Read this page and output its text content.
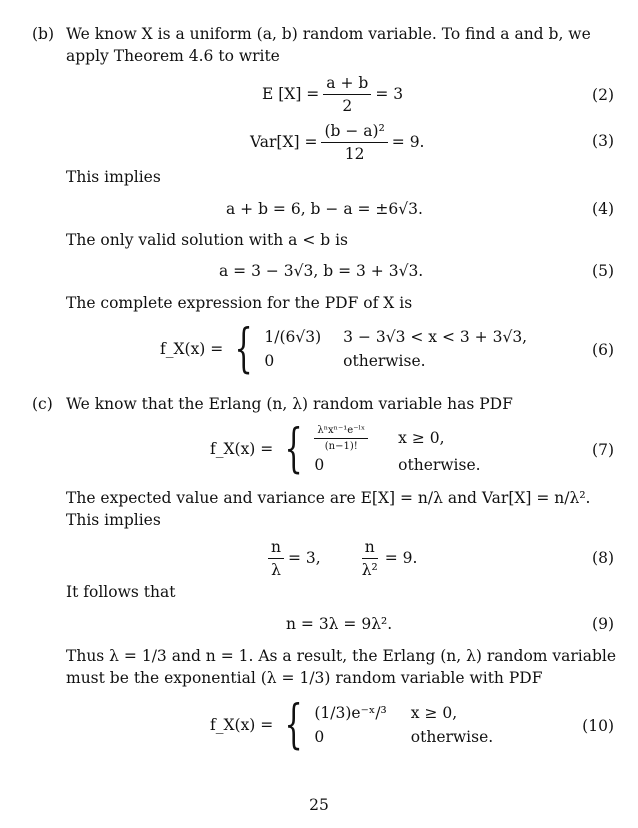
(b) We know X is a uniform (a, b) random variable. To find a and b, we
apply Theorem 4.6 to write
E $[X] = \frac{a + b}{2} = 3$	(2)
$Var[X] = \frac{\text{(b − a)²}}{12} = 9$.	(3)
This implies
a + b = 6, b − a = ±6√3.	(4)
The only valid solution with a < b is
a = 3 − 3√3, b = 3 + 3√3.	(5)
The complete expression for the PDF of X is
f_X(x) = { 1/(6√3) 3 − 3√3 < x < 3 + 3√3,
0	otherwise.
(6)
(c) We know that the Erlang (n, λ) random variable has PDF
f_X(x) = { $\frac{\text{λⁿxⁿ⁻¹e⁻ˡˣ}}{(n-1)!}$ x ≥ 0,
0	otherwise.
(7)
The expected value and variance are E[X] = n/λ and Var[X] = n/λ².
This implies
$\frac{n}{\lambda} = 3$, $\frac{n}{\text{λ²}} = 9$.	(8)
It follows that
n = 3λ = 9λ².	(9)
Thus λ = 1/3 and n = 1. As a result, the Erlang (n, λ) random variable
must be the exponential (λ = 1/3) random variable with PDF
f_X(x) = { (1/3)e⁻ˣ/³ x ≥ 0,
0	otherwise.
(10)
25
